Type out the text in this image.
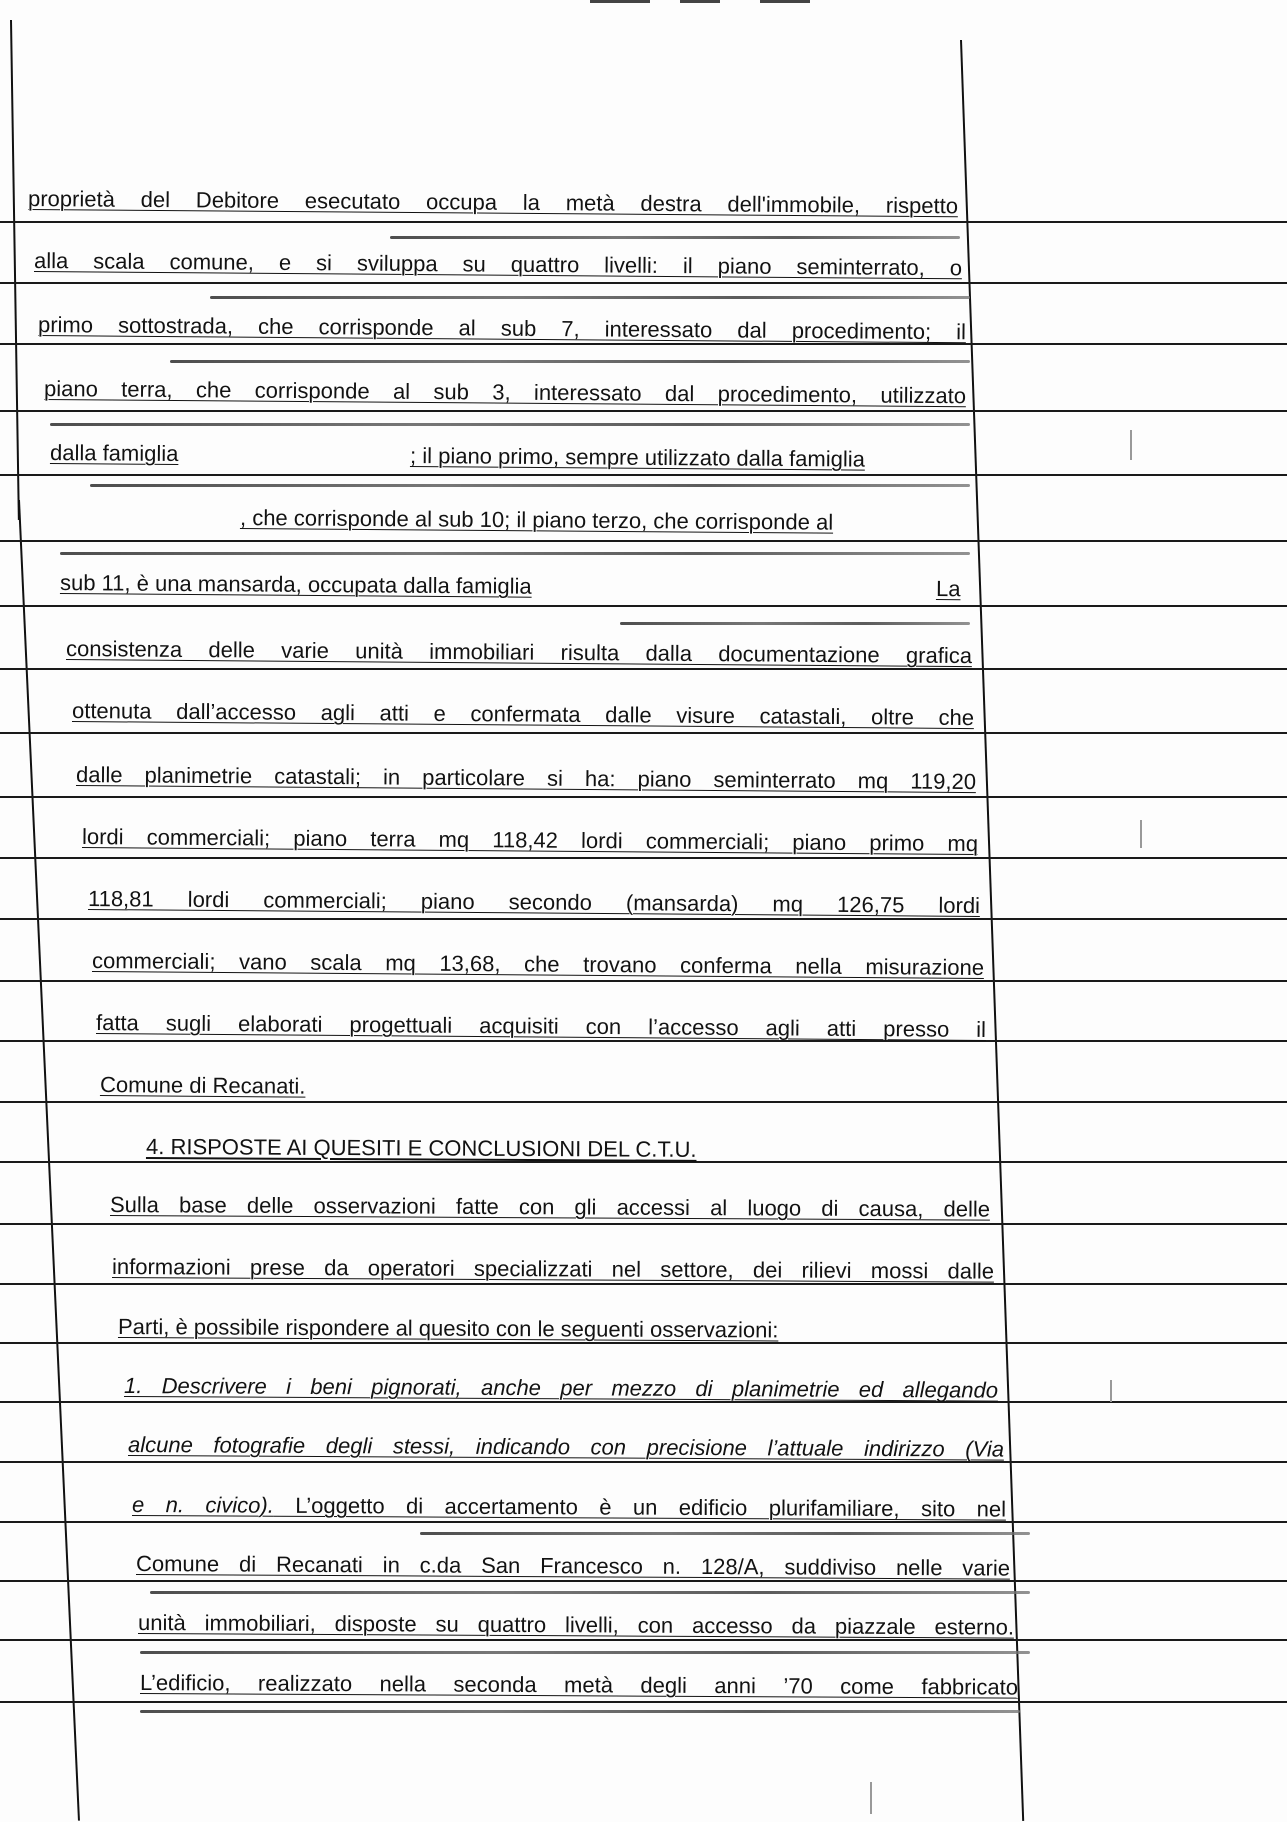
proprietà del Debitore esecutato occupa la metà destra dell'immobile, rispetto
alla scala comune, e si sviluppa su quattro livelli: il piano seminterrato, o
primo sottostrada, che corrisponde al sub 7, interessato dal procedimento; il
piano terra, che corrisponde al sub 3, interessato dal procedimento, utilizzato
dalla famiglia	; il piano primo, sempre utilizzato dalla famiglia
, che corrisponde al sub 10; il piano terzo, che corrisponde al
sub 11, è una mansarda, occupata dalla famiglia	La
consistenza delle varie unità immobiliari risulta dalla documentazione grafica
ottenuta dall’accesso agli atti e confermata dalle visure catastali, oltre che
dalle planimetrie catastali; in particolare si ha: piano seminterrato mq 119,20
lordi commerciali; piano terra mq 118,42 lordi commerciali; piano primo mq
118,81 lordi commerciali; piano secondo (mansarda) mq 126,75 lordi
commerciali; vano scala mq 13,68, che trovano conferma nella misurazione
fatta sugli elaborati progettuali acquisiti con l’accesso agli atti presso il
Comune di Recanati.
4. RISPOSTE AI QUESITI E CONCLUSIONI DEL C.T.U.
Sulla base delle osservazioni fatte con gli accessi al luogo di causa, delle
informazioni prese da operatori specializzati nel settore, dei rilievi mossi dalle
Parti, è possibile rispondere al quesito con le seguenti osservazioni:
1. Descrivere i beni pignorati, anche per mezzo di planimetrie ed allegando
alcune fotografie degli stessi, indicando con precisione l’attuale indirizzo (Via
e n. civico). L’oggetto di accertamento è un edificio plurifamiliare, sito nel
Comune di Recanati in c.da San Francesco n. 128/A, suddiviso nelle varie
unità immobiliari, disposte su quattro livelli, con accesso da piazzale esterno.
L’edificio, realizzato nella seconda metà degli anni ’70 come fabbricato
